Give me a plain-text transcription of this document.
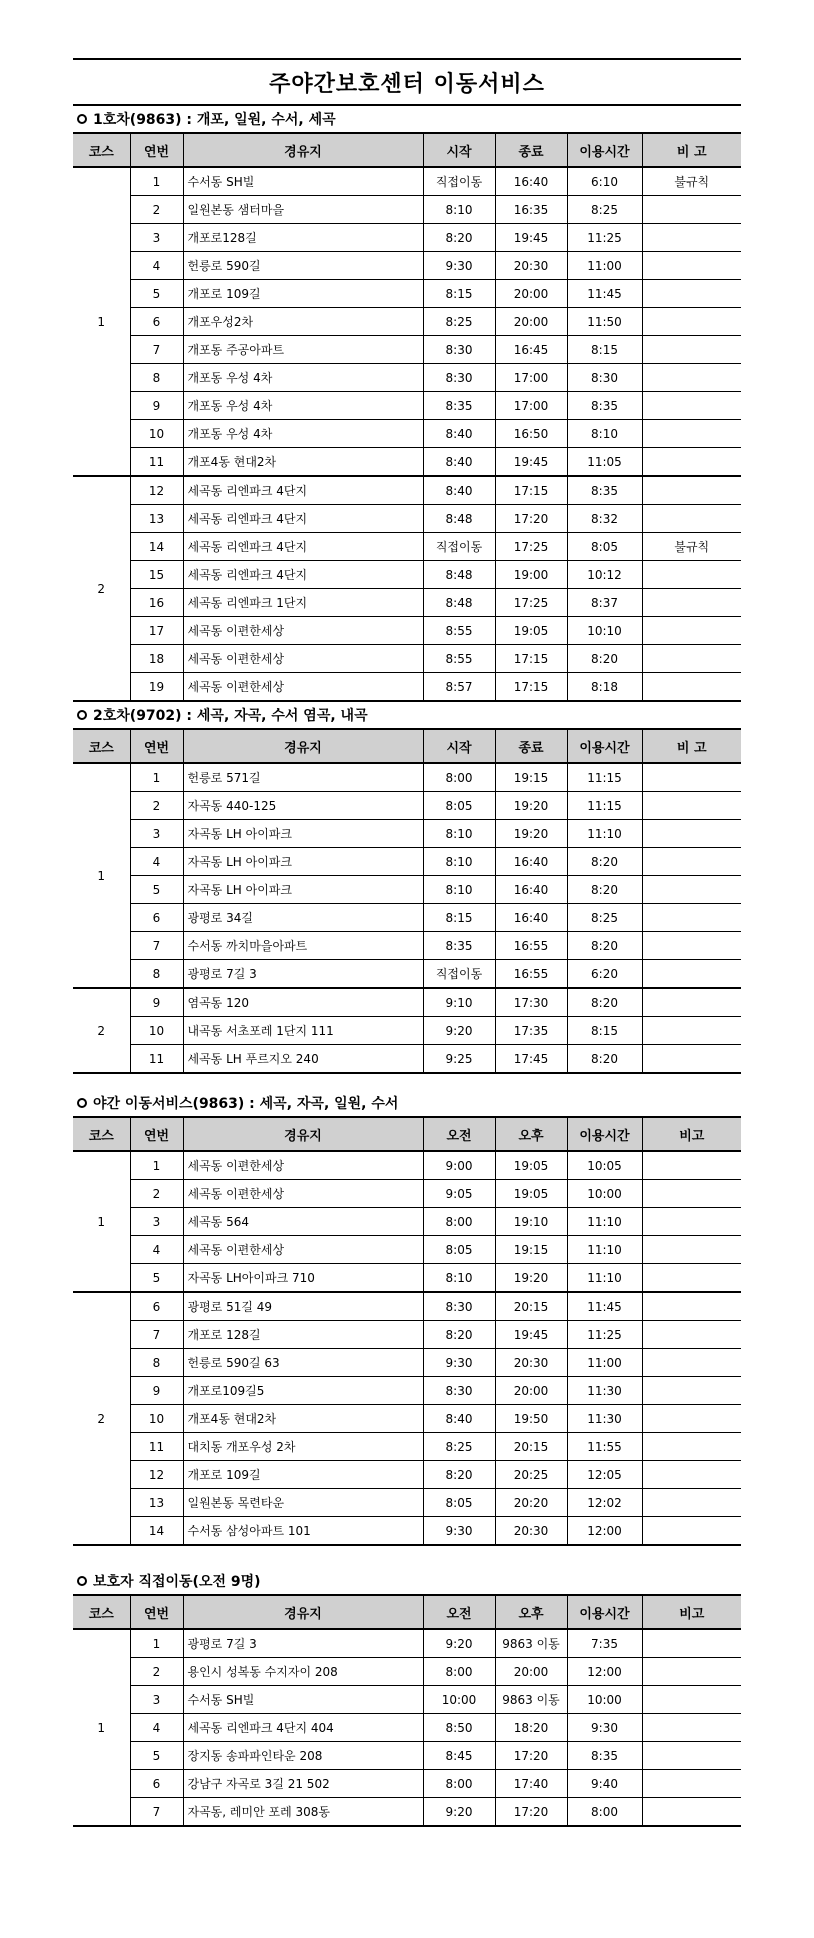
주야간보호센터 이동서비스
1호차(9863) : 개포, 일원, 수서, 세곡
코스	연번	경유지	시작	종료	이용시간	비 고
1	1	수서동 SH빌	직접이동	16:40	6:10	불규칙
	2	일원본동 샘터마을	8:10	16:35	8:25	
	3	개포로128길	8:20	19:45	11:25	
	4	헌릉로 590길	9:30	20:30	11:00	
	5	개포로 109길	8:15	20:00	11:45	
	6	개포우성2차	8:25	20:00	11:50	
	7	개포동 주공아파트	8:30	16:45	8:15	
	8	개포동 우성 4차	8:30	17:00	8:30	
	9	개포동 우성 4차	8:35	17:00	8:35	
	10	개포동 우성 4차	8:40	16:50	8:10	
	11	개포4동 현대2차	8:40	19:45	11:05	
2	12	세곡동 리엔파크 4단지	8:40	17:15	8:35	
	13	세곡동 리엔파크 4단지	8:48	17:20	8:32	
	14	세곡동 리엔파크 4단지	직접이동	17:25	8:05	불규칙
	15	세곡동 리엔파크 4단지	8:48	19:00	10:12	
	16	세곡동 리엔파크 1단지	8:48	17:25	8:37	
	17	세곡동 이편한세상	8:55	19:05	10:10	
	18	세곡동 이편한세상	8:55	17:15	8:20	
	19	세곡동 이편한세상	8:57	17:15	8:18	
2호차(9702) : 세곡, 자곡, 수서 염곡, 내곡
코스	연번	경유지	시작	종료	이용시간	비 고
1	1	헌릉로 571길	8:00	19:15	11:15	
	2	자곡동 440-125	8:05	19:20	11:15	
	3	자곡동 LH 아이파크	8:10	19:20	11:10	
	4	자곡동 LH 아이파크	8:10	16:40	8:20	
	5	자곡동 LH 아이파크	8:10	16:40	8:20	
	6	광평로 34길	8:15	16:40	8:25	
	7	수서동 까치마을아파트	8:35	16:55	8:20	
	8	광평로 7길 3	직접이동	16:55	6:20	
2	9	염곡동 120	9:10	17:30	8:20	
	10	내곡동 서초포레 1단지 111	9:20	17:35	8:15	
	11	세곡동 LH 푸르지오 240	9:25	17:45	8:20	
야간 이동서비스(9863) : 세곡, 자곡, 일원, 수서
코스	연번	경유지	오전	오후	이용시간	비고
1	1	세곡동 이편한세상	9:00	19:05	10:05	
	2	세곡동 이편한세상	9:05	19:05	10:00	
	3	세곡동 564	8:00	19:10	11:10	
	4	세곡동 이편한세상	8:05	19:15	11:10	
	5	자곡동 LH아이파크 710	8:10	19:20	11:10	
2	6	광평로 51길 49	8:30	20:15	11:45	
	7	개포로 128길	8:20	19:45	11:25	
	8	헌릉로 590길 63	9:30	20:30	11:00	
	9	개포로109길5	8:30	20:00	11:30	
	10	개포4동 현대2차	8:40	19:50	11:30	
	11	대치동 개포우성 2차	8:25	20:15	11:55	
	12	개포로 109길	8:20	20:25	12:05	
	13	일원본동 목련타운	8:05	20:20	12:02	
	14	수서동 삼성아파트 101	9:30	20:30	12:00	
보호자 직접이동(오전 9명)
코스	연번	경유지	오전	오후	이용시간	비고
1	1	광평로 7길 3	9:20	9863 이동	7:35	
	2	용인시 성복동 수지자이 208	8:00	20:00	12:00	
	3	수서동 SH빌	10:00	9863 이동	10:00	
	4	세곡동 리엔파크 4단지 404	8:50	18:20	9:30	
	5	장지동 송파파인타운 208	8:45	17:20	8:35	
	6	강남구 자곡로 3길 21 502	8:00	17:40	9:40	
	7	자곡동, 레미안 포레 308동	9:20	17:20	8:00	
